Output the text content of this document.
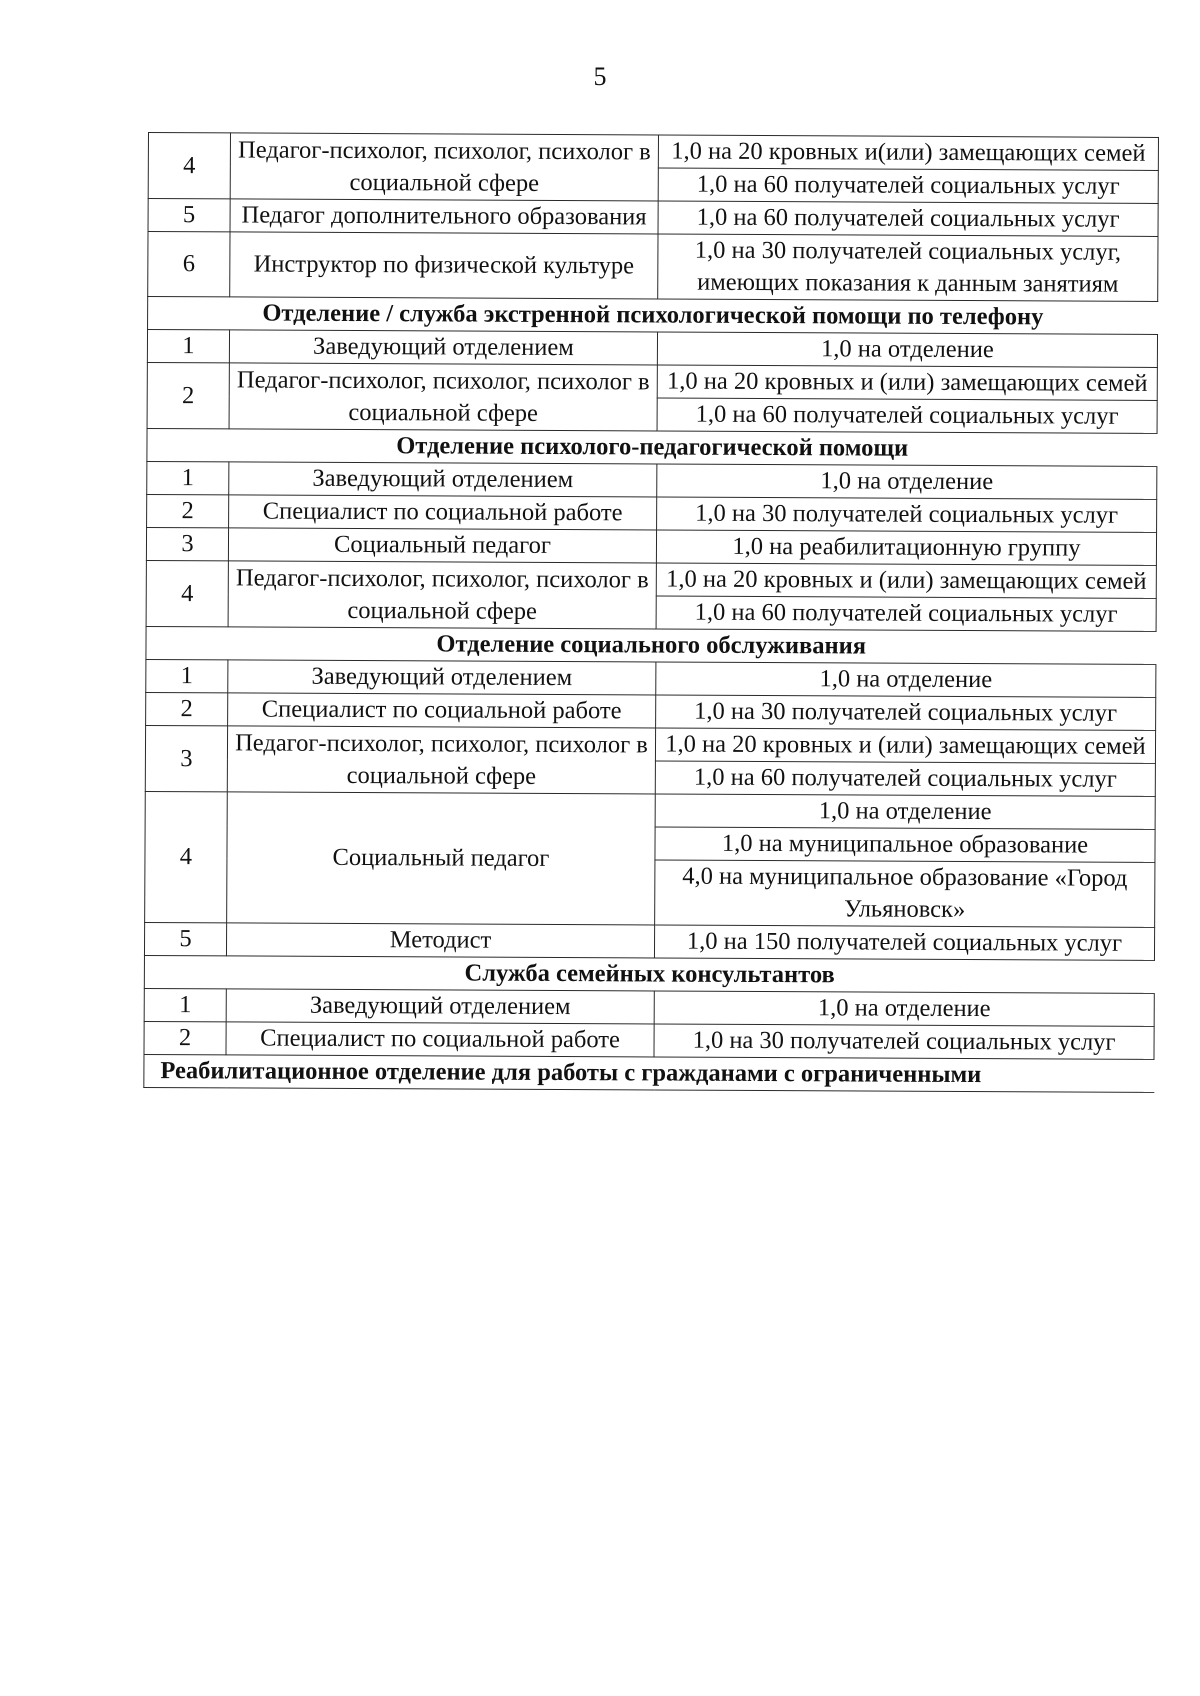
5
4	Педагог-психолог, психолог, психолог в социальной сфере	1,0 на 20 кровных и(или) замещающих семей
		1,0 на 60 получателей социальных услуг
5	Педагог дополнительного образования	1,0 на 60 получателей социальных услуг
6	Инструктор по физической культуре	1,0 на 30 получателей социальных услуг, имеющих показания к данным занятиям
Отделение / служба экстренной психологической помощи по телефону		
1	Заведующий отделением	1,0 на отделение
2	Педагог-психолог, психолог, психолог в социальной сфере	1,0 на 20 кровных и (или) замещающих семей
		1,0 на 60 получателей социальных услуг
Отделение психолого-педагогической помощи		
1	Заведующий отделением	1,0 на отделение
2	Специалист по социальной работе	1,0 на 30 получателей социальных услуг
3	Социальный педагог	1,0 на реабилитационную группу
4	Педагог-психолог, психолог, психолог в социальной сфере	1,0 на 20 кровных и (или) замещающих семей
		1,0 на 60 получателей социальных услуг
Отделение социального обслуживания		
1	Заведующий отделением	1,0 на отделение
2	Специалист по социальной работе	1,0 на 30 получателей социальных услуг
3	Педагог-психолог, психолог, психолог в социальной сфере	1,0 на 20 кровных и (или) замещающих семей
		1,0 на 60 получателей социальных услуг
4	Социальный педагог	1,0 на отделение
		1,0 на муниципальное образование
		4,0 на муниципальное образование «Город Ульяновск»
5	Методист	1,0 на 150 получателей социальных услуг
Служба семейных консультантов		
1	Заведующий отделением	1,0 на отделение
2	Специалист по социальной работе	1,0 на 30 получателей социальных услуг
Реабилитационное отделение для работы с гражданами с ограниченными		
